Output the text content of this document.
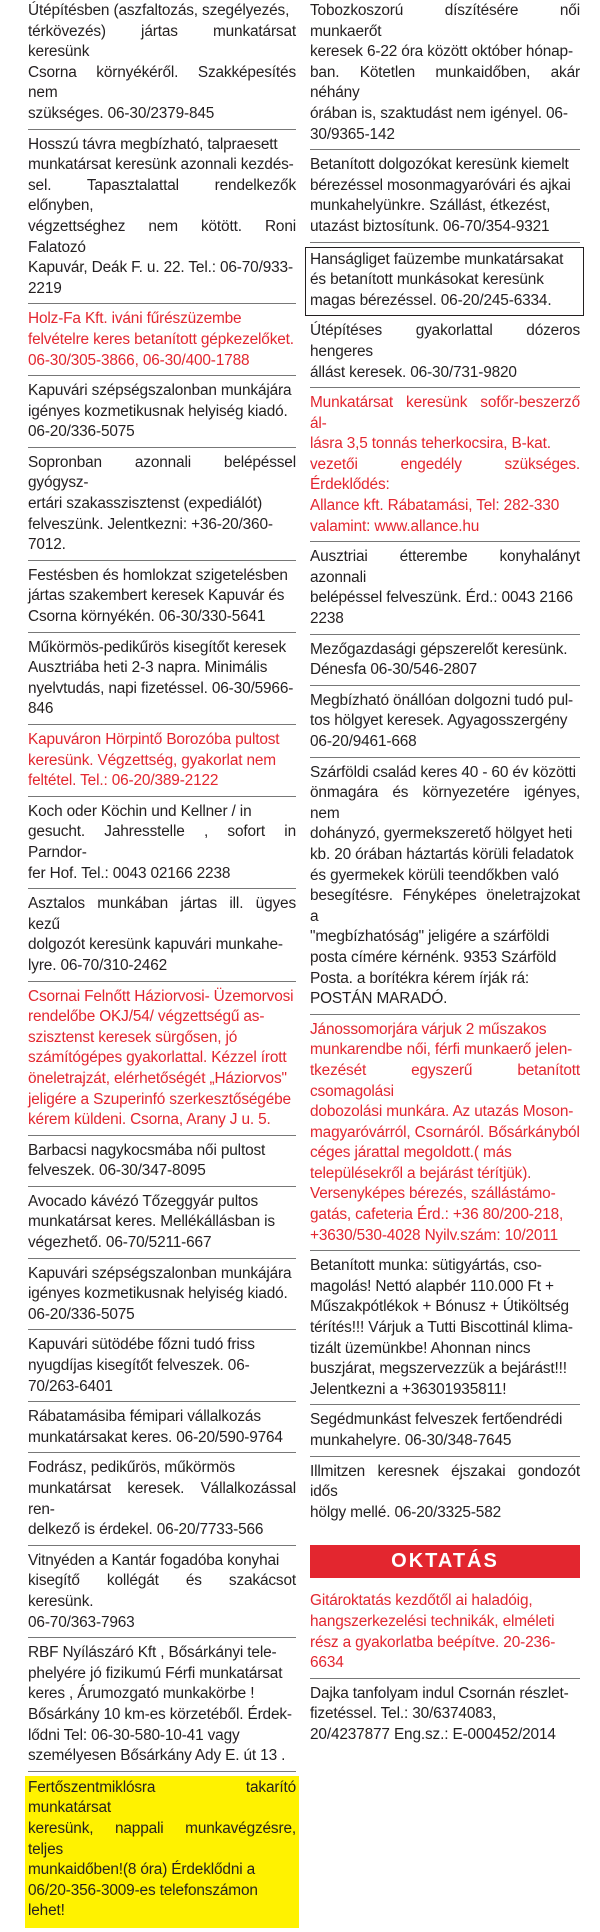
Útépítésben (aszfaltozás, szegélyezés,
térkövezés) jártas munkatársat keresünk
Csorna környékéről. Szakképesítés nem
szükséges. 06-30/2379-845
Hosszú távra megbízható, talpraesett
munkatársat keresünk azonnali kezdés-
sel. Tapasztalattal rendelkezők előnyben,
végzettséghez nem kötött. Roni Falatozó
Kapuvár, Deák F. u. 22. Tel.: 06-70/933-
2219
Holz-Fa Kft. iváni fűrészüzembe
felvételre keres betanított gépkezelőket.
06-30/305-3866, 06-30/400-1788
Kapuvári szépségszalonban munkájára
igényes kozmetikusnak helyiség kiadó.
06-20/336-5075
Sopronban azonnali belépéssel gyógysz-
ertári szakasszisztenst (expediálót)
felveszünk. Jelentkezni: +36-20/360-
7012.
Festésben és homlokzat szigetelésben
jártas szakembert keresek Kapuvár és
Csorna környékén. 06-30/330-5641
Műkörmös-pedikűrös kisegítőt keresek
Ausztriába heti 2-3 napra. Minimális
nyelvtudás, napi fizetéssel. 06-30/5966-
846
Kapuváron Hörpintő Borozóba pultost
keresünk. Végzettség, gyakorlat nem
feltétel. Tel.: 06-20/389-2122
Koch oder Köchin und Kellner / in
gesucht. Jahresstelle , sofort in Parndor-
fer Hof. Tel.: 0043 02166 2238
Asztalos munkában jártas ill. ügyes kezű
dolgozót keresünk kapuvári munkahe-
lyre. 06-70/310-2462
Csornai Felnőtt Háziorvosi- Üzemorvosi
rendelőbe OKJ/54/ végzettségű as-
szisztenst keresek sürgősen, jó
számítógépes gyakorlattal. Kézzel írott
öneletrajzát, elérhetőségét „Háziorvos"
jeligére a Szuperinfó szerkesztőségébe
kérem küldeni. Csorna, Arany J u. 5.
Barbacsi nagykocsmába női pultost
felveszek. 06-30/347-8095
Avocado kávézó Tőzeggyár pultos
munkatársat keres. Mellékállásban is
végezhető. 06-70/5211-667
Kapuvári szépségszalonban munkájára
igényes kozmetikusnak helyiség kiadó.
06-20/336-5075
Kapuvári sütödébe főzni tudó friss
nyugdíjas kisegítőt felveszek. 06-
70/263-6401
Rábatamásiba fémipari vállalkozás
munkatársakat keres. 06-20/590-9764
Fodrász, pedikűrös, műkörmös
munkatársat keresek. Vállalkozással ren-
delkező is érdekel. 06-20/7733-566
Vitnyéden a Kantár fogadóba konyhai
kisegítő kollégát és szakácsot keresünk.
06-70/363-7963
RBF Nyílászáró Kft , Bősárkányi tele-
phelyére jó fizikumú Férfi munkatársat
keres , Árumozgató munkakörbe !
Bősárkány 10 km-es körzetéből. Érdek-
lődni Tel: 06-30-580-10-41 vagy
személyesen Bősárkány Ady E. út 13 .
Fertőszentmiklósra takarító munkatársat
keresünk, nappali munkavégzésre, teljes
munkaidőben!(8 óra) Érdeklődni a
06/20-356-3009-es telefonszámon
lehet!
Tobozkoszorú díszítésére női munkaerőt
keresek 6-22 óra között október hónap-
ban. Kötetlen munkaidőben, akár néhány
órában is, szaktudást nem igényel. 06-
30/9365-142
Betanított dolgozókat keresünk kiemelt
bérezéssel mosonmagyaróvári és ajkai
munkahelyünkre. Szállást, étkezést,
utazást biztosítunk. 06-70/354-9321
Hanságliget faüzembe munkatársakat
és betanított munkásokat keresünk
magas bérezéssel. 06-20/245-6334.
Útépítéses gyakorlattal dózeros hengeres
állást keresek. 06-30/731-9820
Munkatársat keresünk sofőr-beszerző ál-
lásra 3,5 tonnás teherkocsira, B-kat.
vezetői engedély szükséges. Érdeklődés:
Allance kft. Rábatamási, Tel: 282-330
valamint: www.allance.hu
Ausztriai étterembe konyhalányt azonnali
belépéssel felveszünk. Érd.: 0043 2166
2238
Mezőgazdasági gépszerelőt keresünk.
Dénesfa 06-30/546-2807
Megbízható önállóan dolgozni tudó pul-
tos hölgyet keresek. Agyagosszergény
06-20/9461-668
Szárföldi család keres 40 - 60 év közötti
önmagára és környezetére igényes, nem
dohányzó, gyermekszerető hölgyet heti
kb. 20 órában háztartás körüli feladatok
és gyermekek körüli teendőkben való
besegítésre. Fényképes öneletrajzokat a
"megbízhatóság" jeligére a szárföldi
posta címére kérnénk. 9353 Szárföld
Posta. a borítékra kérem írják rá:
POSTÁN MARADÓ.
Jánossomorjára várjuk 2 műszakos
munkarendbe női, férfi munkaerő jelen-
tkezését egyszerű betanított csomagolási
dobozolási munkára. Az utazás Moson-
magyaróvárról, Csornáról. Bősárkányból
céges járattal megoldott.( más
településekről a bejárást térítjük).
Versenyképes bérezés, szállástámo-
gatás, cafeteria Érd.: +36 80/200-218,
+3630/530-4028 Nyilv.szám: 10/2011
Betanított munka: sütigyártás, cso-
magolás! Nettó alapbér 110.000 Ft +
Műszakpótlékok + Bónusz + Útiköltség
térítés!!! Várjuk a Tutti Biscottinál klima-
tizált üzemünkbe! Ahonnan nincs
buszjárat, megszervezzük a bejárást!!!
Jelentkezni a +36301935811!
Segédmunkást felveszek fertőendrédi
munkahelyre. 06-30/348-7645
Illmitzen keresnek éjszakai gondozót idős
hölgy mellé. 06-20/3325-582
OKTATÁS
Gitároktatás kezdőtől ai haladóig,
hangszerkezelési technikák, elméleti
rész a gyakorlatba beépítve. 20-236-
6634
Dajka tanfolyam indul Csornán részlet-
fizetéssel. Tel.: 30/6374083,
20/4237877 Eng.sz.: E-000452/2014
